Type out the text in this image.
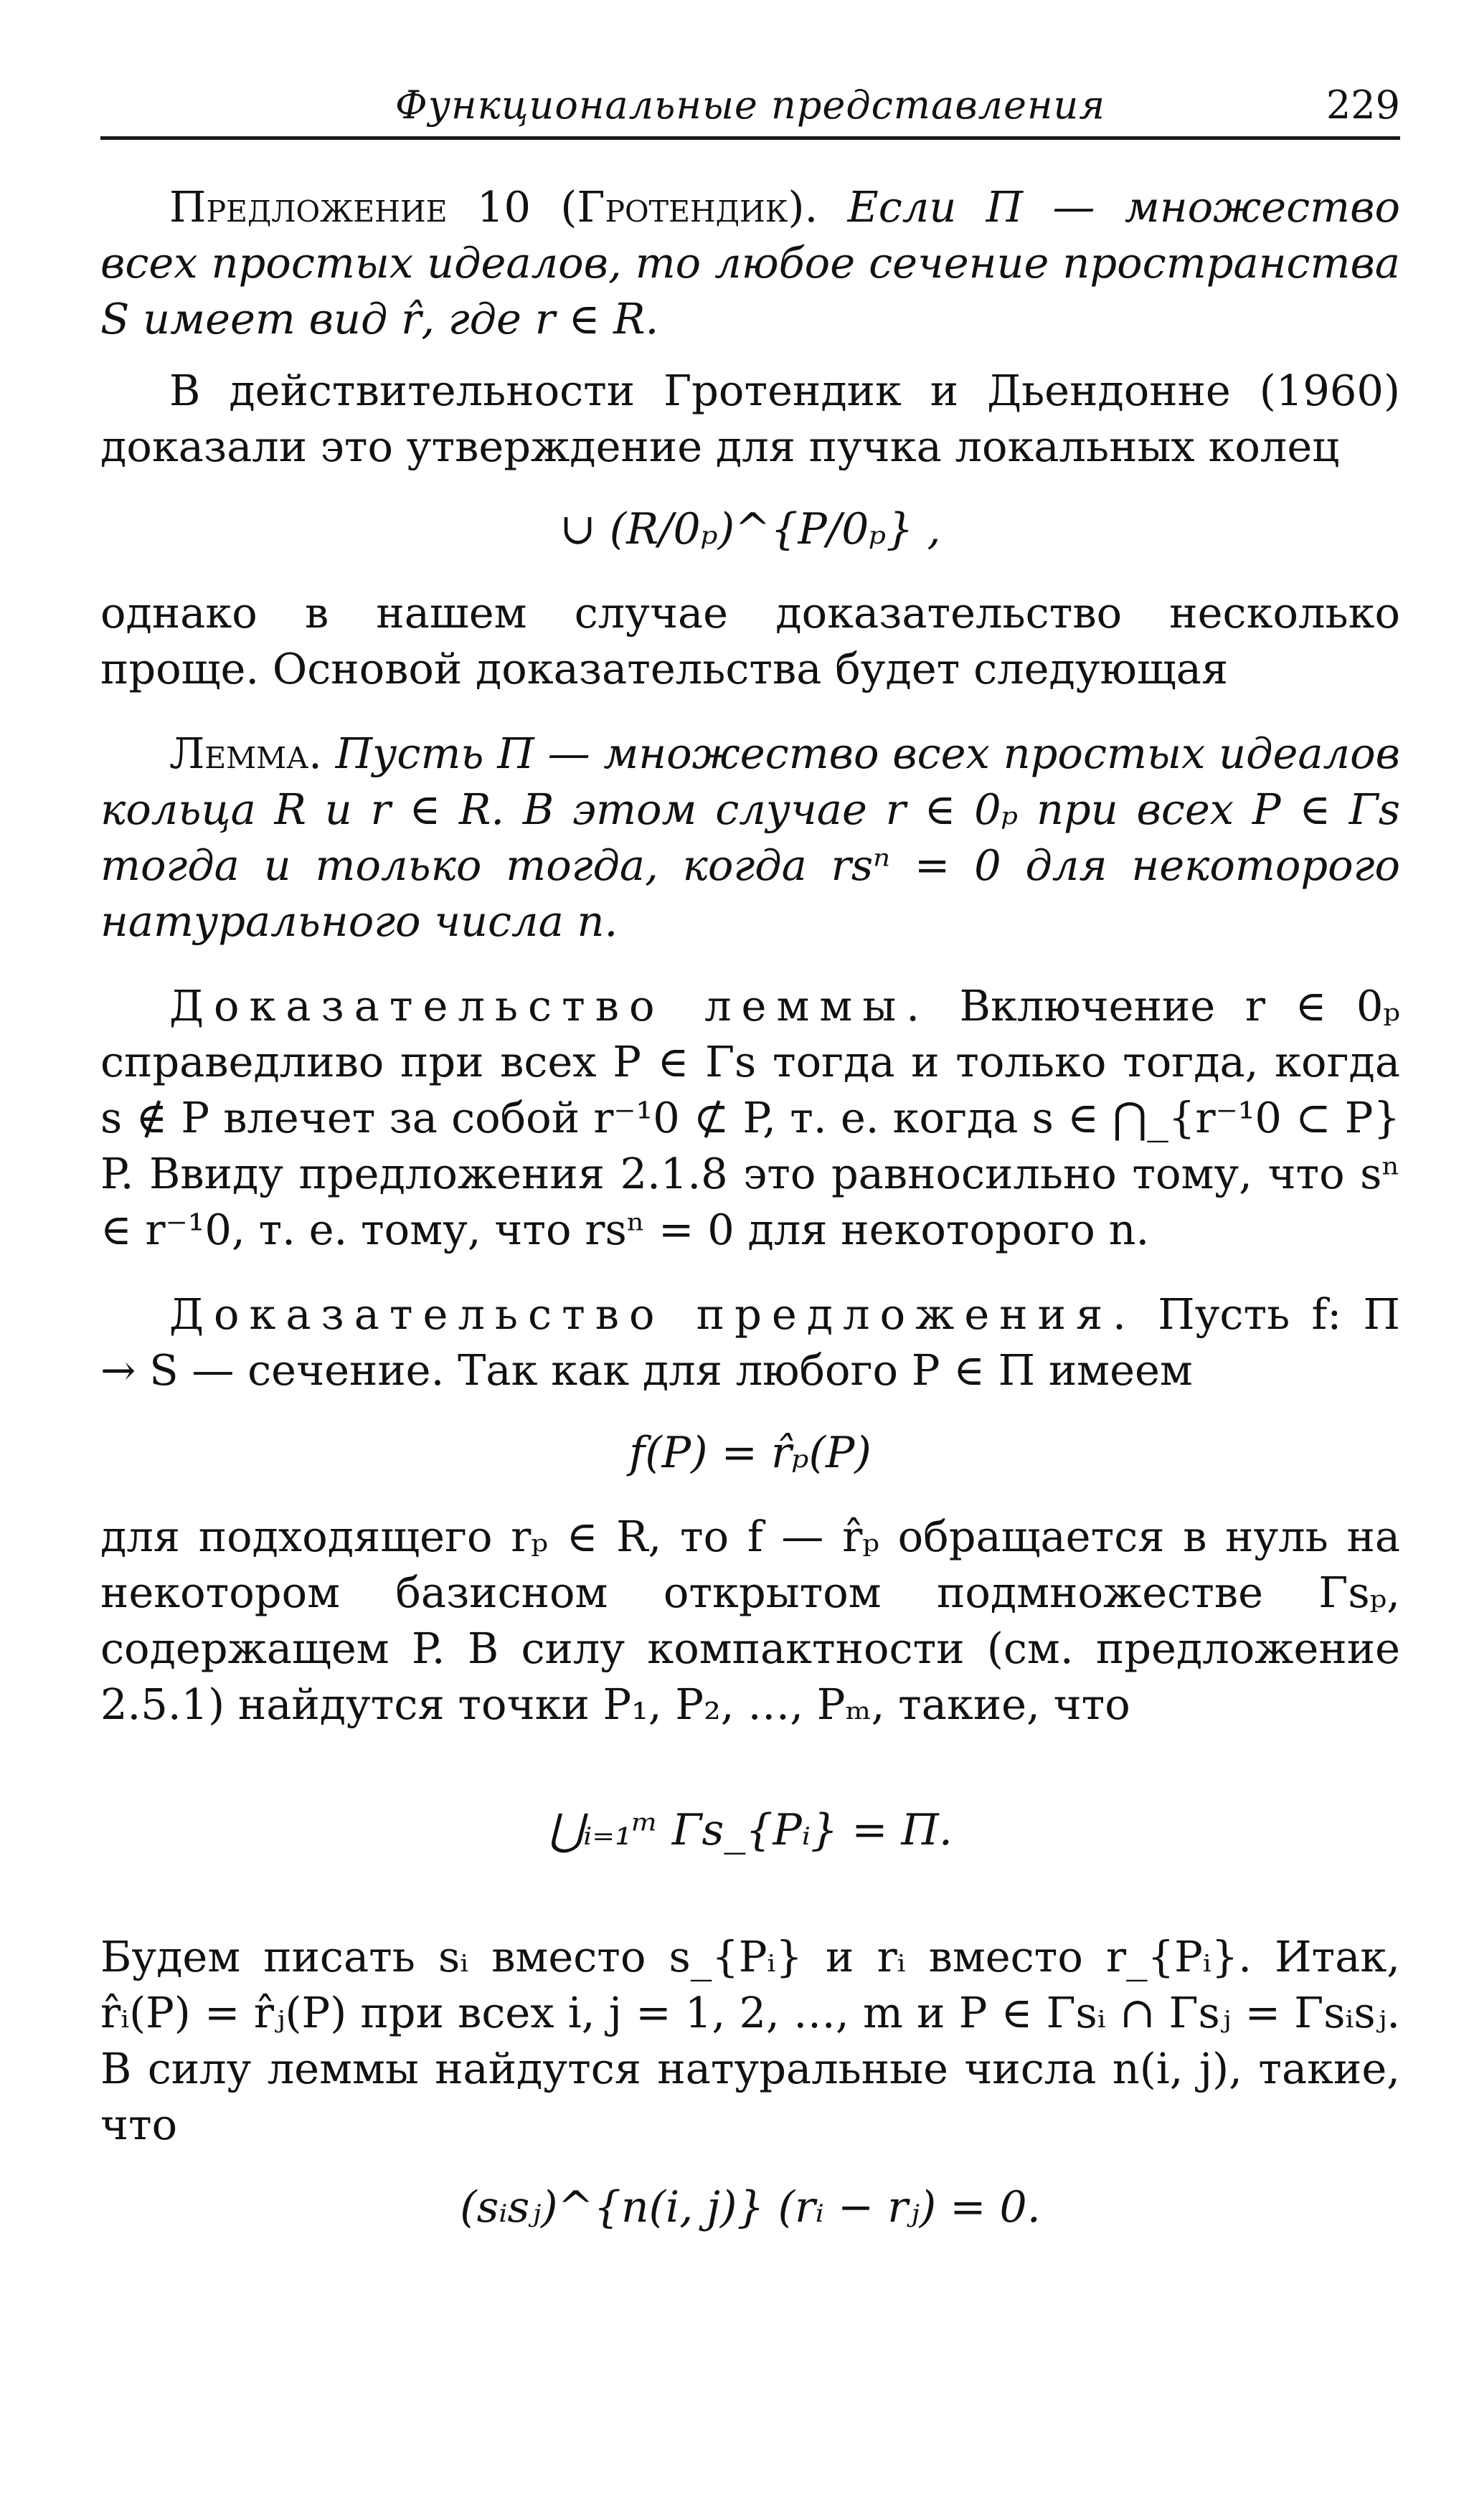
Функциональные представления	229

Предложение 10 (Гротендик). Если Π — множество всех простых идеалов, то любое сечение пространства S имеет вид r̂, где r ∈ R.

В действительности Гротендик и Дьендонне (1960) доказали это утверждение для пучка локальных колец

∪ (R/0ₚ)^{P/0ₚ} ,

однако в нашем случае доказательство несколько проще. Основой доказательства будет следующая

Лемма. Пусть Π — множество всех простых идеалов кольца R и r ∈ R. В этом случае r ∈ 0ₚ при всех P ∈ Γs тогда и только тогда, когда rsⁿ = 0 для некоторого натурального числа n.

Доказательство леммы. Включение r ∈ 0ₚ справедливо при всех P ∈ Γs тогда и только тогда, когда s ∉ P влечет за собой r⁻¹0 ⊄ P, т. е. когда s ∈ ⋂_{r⁻¹0 ⊂ P} P. Ввиду предложения 2.1.8 это равносильно тому, что sⁿ ∈ r⁻¹0, т. е. тому, что rsⁿ = 0 для некоторого n.

Доказательство предложения. Пусть f: Π → S — сечение. Так как для любого P ∈ Π имеем

f(P) = r̂ₚ(P)

для подходящего rₚ ∈ R, то f — r̂ₚ обращается в нуль на некотором базисном открытом подмножестве Γsₚ, содержащем P. В силу компактности (см. предложение 2.5.1) найдутся точки P₁, P₂, …, Pₘ, такие, что

⋃ᵢ₌₁ᵐ Γs_{Pᵢ} = Π.

Будем писать sᵢ вместо s_{Pᵢ} и rᵢ вместо r_{Pᵢ}. Итак, r̂ᵢ(P) = r̂ⱼ(P) при всех i, j = 1, 2, …, m и P ∈ Γsᵢ ∩ Γsⱼ = Γsᵢsⱼ. В силу леммы найдутся натуральные числа n(i, j), такие, что

(sᵢsⱼ)^{n(i, j)} (rᵢ − rⱼ) = 0.
